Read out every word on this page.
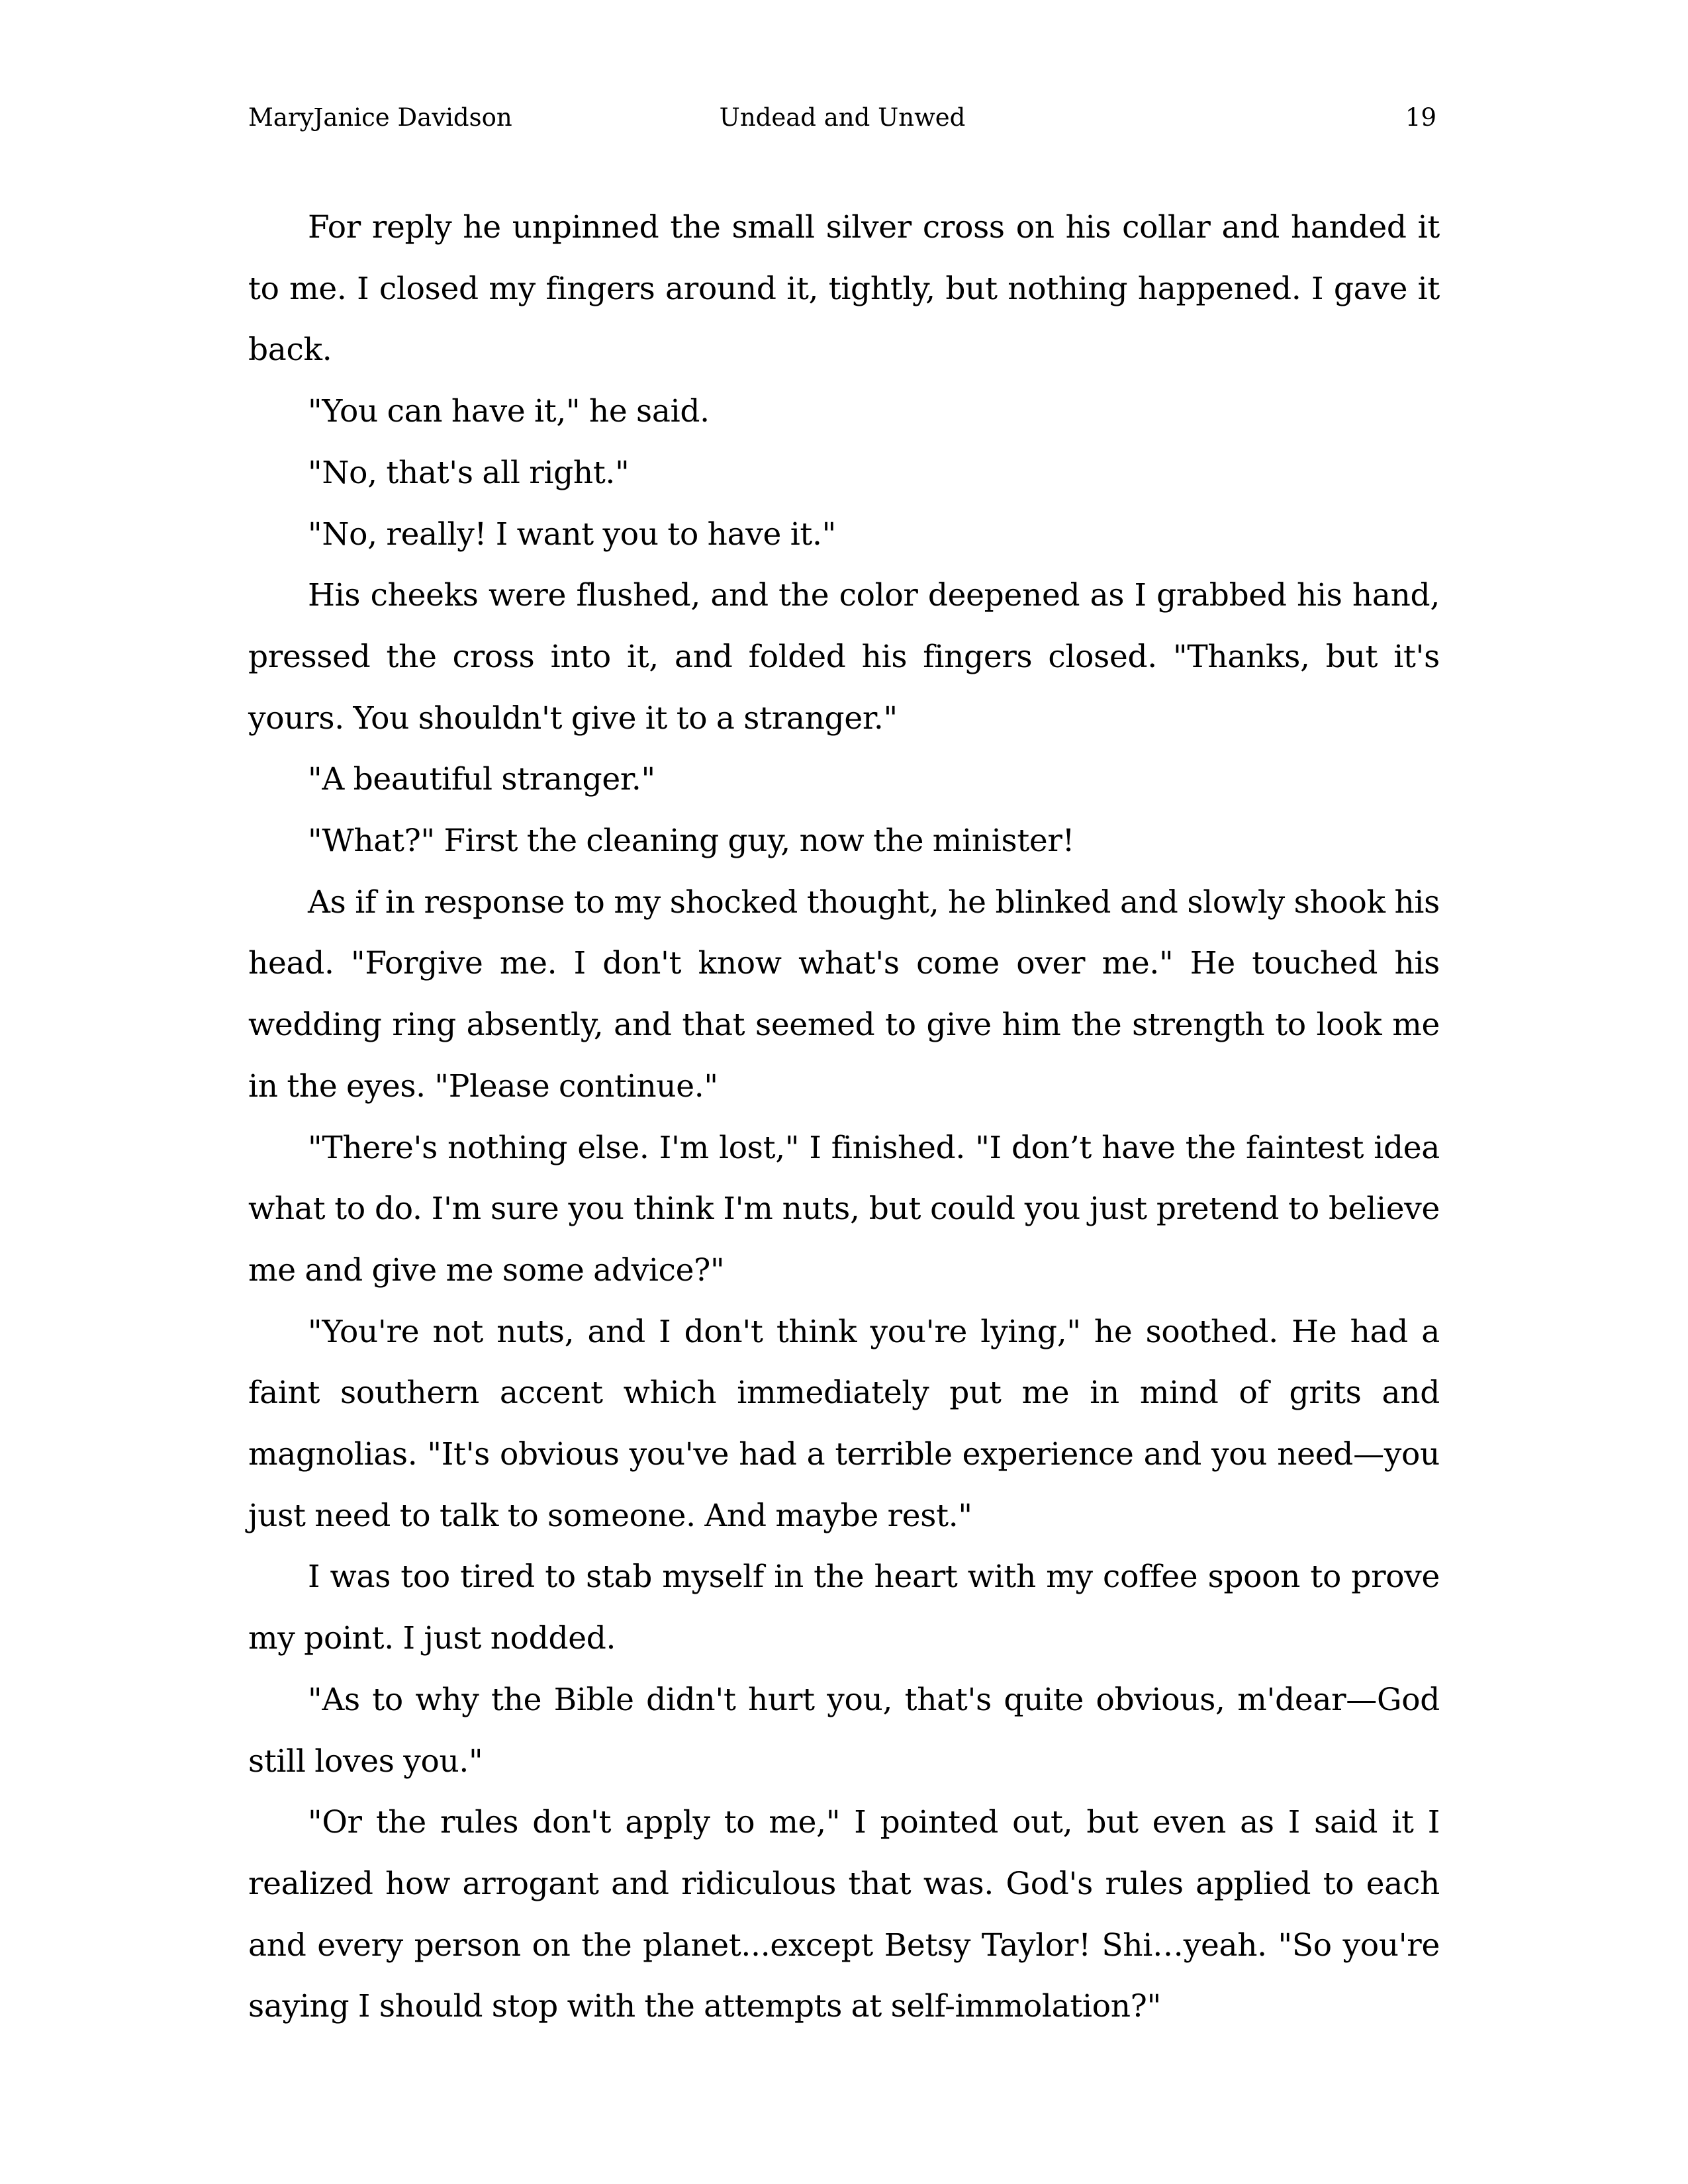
MaryJanice Davidson	Undead and Unwed	19

For reply he unpinned the small silver cross on his collar and handed it to me. I closed my fingers around it, tightly, but nothing happened. I gave it back.

"You can have it," he said.

"No, that's all right."

"No, really! I want you to have it."

His cheeks were flushed, and the color deepened as I grabbed his hand, pressed the cross into it, and folded his fingers closed. "Thanks, but it's yours. You shouldn't give it to a stranger."

"A beautiful stranger."

"What?" First the cleaning guy, now the minister!

As if in response to my shocked thought, he blinked and slowly shook his head. "Forgive me. I don't know what's come over me." He touched his wedding ring absently, and that seemed to give him the strength to look me in the eyes. "Please continue."

"There's nothing else. I'm lost," I finished. "I don’t have the faintest idea what to do. I'm sure you think I'm nuts, but could you just pretend to believe me and give me some advice?"

"You're not nuts, and I don't think you're lying," he soothed. He had a faint southern accent which immediately put me in mind of grits and magnolias. "It's obvious you've had a terrible experience and you need—you just need to talk to someone. And maybe rest."

I was too tired to stab myself in the heart with my coffee spoon to prove my point. I just nodded.

"As to why the Bible didn't hurt you, that's quite obvious, m'dear—God still loves you."

"Or the rules don't apply to me," I pointed out, but even as I said it I realized how arrogant and ridiculous that was. God's rules applied to each and every person on the planet...except Betsy Taylor! Shi…yeah. "So you're saying I should stop with the attempts at self-immolation?"
